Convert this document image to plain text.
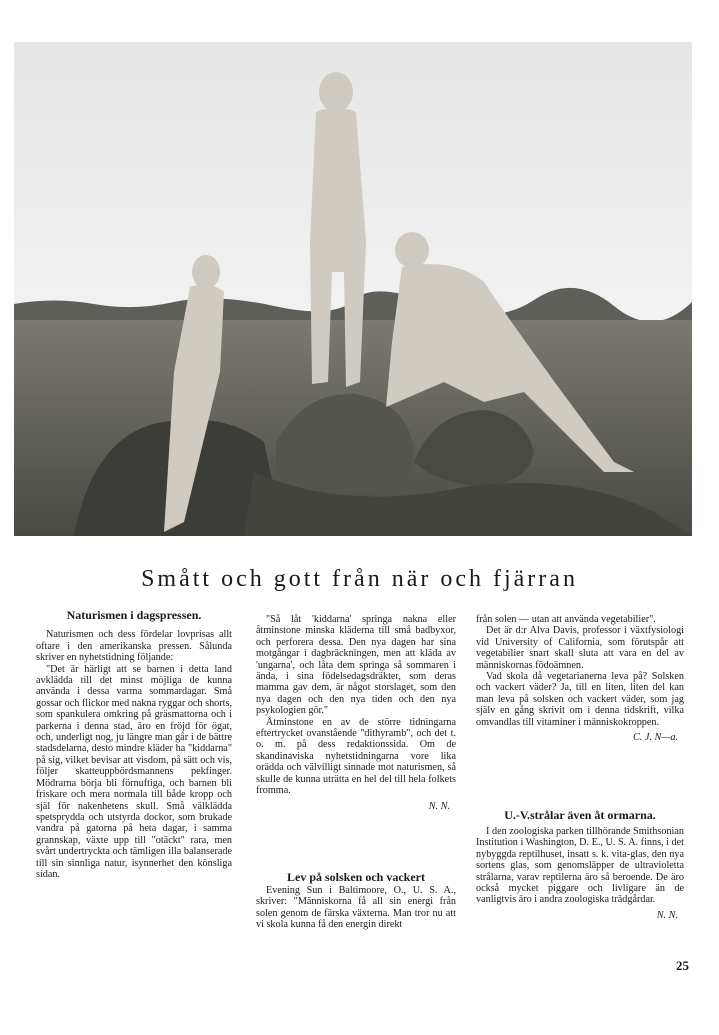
Smått och gott från när och fjärran
Naturismen i dagspressen.

Naturismen och dess fördelar lovprisas allt oftare i den amerikanska pressen. Sålunda skriver en nyhetstidning följande:

"Det är härligt att se barnen i detta land avklädda till det minst möjliga de kunna använda i dessa varma sommardagar. Små gossar och flickor med nakna ryggar och shorts, som spankulera omkring på gräsmattorna och i parkerna i denna stad, äro en fröjd för ögat, och, underligt nog, ju längre man går i de bättre stadsdelarna, desto mindre kläder ha "kiddarna" på sig, vilket bevisar att visdom, på sätt och vis, följer skatteuppbördsmannens pekfinger. Mödrarna börja bli förnuftiga, och barnen bli friskare och mera normala till både kropp och själ för nakenhetens skull. Små välklädda spetsprydda och utstyrda dockor, som brukade vandra på gatorna på heta dagar, i samma grannskap, växte upp till "otäckt" rara, men svårt undertryckta och tämligen illa balanserade till sin sinnliga natur, isynnerhet den könsliga sidan.

"Så låt 'kiddarna' springa nakna eller åtminstone minska kläderna till små badbyxor, och perforera dessa. Den nya dagen har sina motgångar i dagbräckningen, men att kläda av 'ungarna', och låta dem springa så sommaren i ända, i sina födelsedagsdräkter, som deras mamma gav dem, är något storslaget, som den nya dagen och den nya tiden och den nya psykologien gör."

Åtminstone en av de större tidningarna eftertrycket ovanstående "dithyramb", och det t. o. m. på dess redaktionssida. Om de skandinaviska nyhetstidningarna vore lika orädda och välvilligt sinnade mot naturismen, så skulle de kunna uträtta en hel del till hela folkets fromma.

N. N.
Lev på solsken och vackert

Evening Sun i Baltimoore, O., U. S. A., skriver: "Människorna få all sin energi från solen genom de färska växterna. Man tror nu att vi skola kunna få den energin direkt

från solen — utan att använda vegetabilier".

Det är d:r Alva Davis, professor i växtfysiologi vid University of California, som förutspår att vegetabilier snart skall sluta att vara en del av människornas födoämnen.

Vad skola då vegetarianerna leva på? Solsken och vackert väder? Ja, till en liten, liten del kan man leva på solsken och vackert väder, som jag själv en gång skrivit om i denna tidskrift, vilka omvandlas till vitaminer i människokroppen.

C. J. N—a.
U.-V.strålar även åt ormarna.

I den zoologiska parken tillhörande Smithsonian Institution i Washington, D. E., U. S. A. finns, i det nybyggda reptilhuset, insatt s. k. vita-glas, den nya sortens glas, som genomsläpper de ultravioletta strålarna, varav reptilerna äro så beroende. De äro också mycket piggare och livligare än de vanligtvis äro i andra zoologiska trädgårdar.

N. N.
25
